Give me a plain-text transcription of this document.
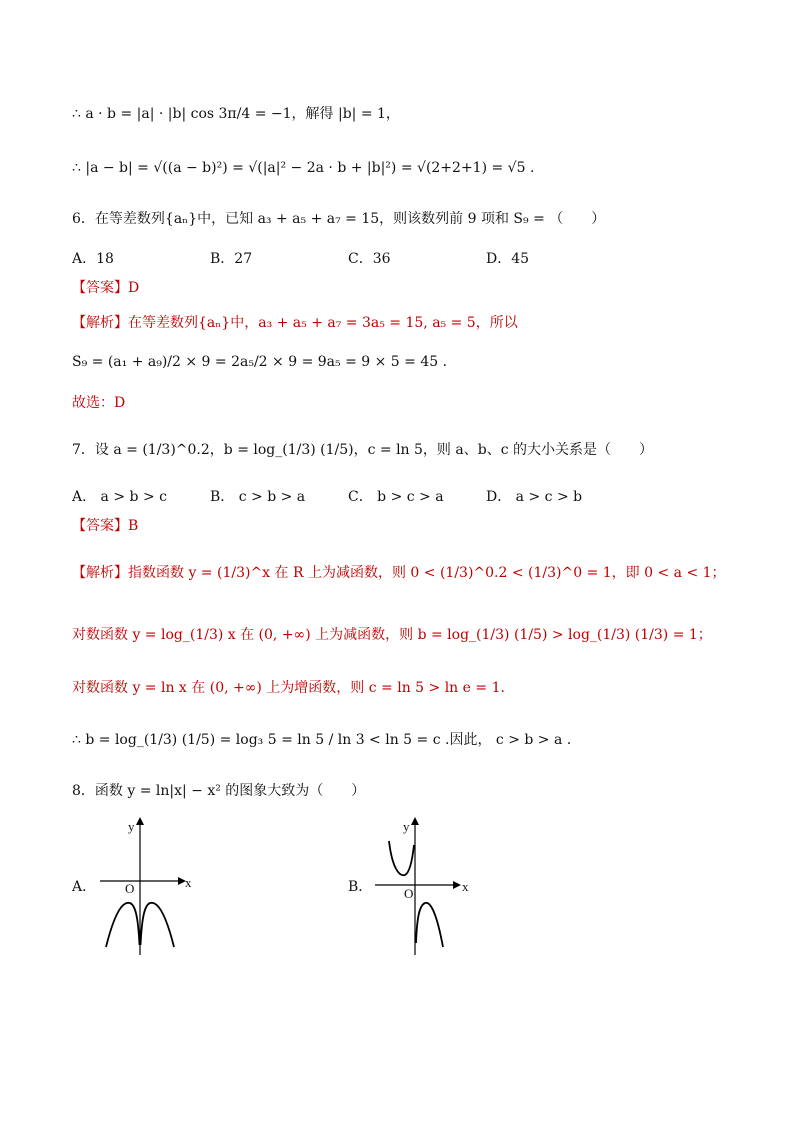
∴ a · b = |a| · |b| cos 3π/4 = −1，解得 |b| = 1，
∴ |a − b| = √((a − b)²) = √(|a|² − 2a · b + |b|²) = √(2+2+1) = √5 .
6．在等差数列{aₙ}中，已知 a₃ + a₅ + a₇ = 15，则该数列前 9 项和 S₉ = （　　）
A．18	B．27	C．36	D．45
【答案】D
【解析】在等差数列{aₙ}中，a₃ + a₅ + a₇ = 3a₅ = 15, a₅ = 5，所以
S₉ = (a₁ + a₉)/2 × 9 = 2a₅/2 × 9 = 9a₅ = 9 × 5 = 45 .
故选：D
7．设 a = (1/3)^0.2，b = log_(1/3) (1/5)，c = ln 5，则 a、b、c 的大小关系是（　　）
A． a > b > c	B． c > b > a	C． b > c > a	D． a > c > b
【答案】B
【解析】指数函数 y = (1/3)^x 在 R 上为减函数，则 0 < (1/3)^0.2 < (1/3)^0 = 1，即 0 < a < 1；
对数函数 y = log_(1/3) x 在 (0, +∞) 上为减函数，则 b = log_(1/3) (1/5) > log_(1/3) (1/3) = 1；
对数函数 y = ln x 在 (0, +∞) 上为增函数，则 c = ln 5 > ln e = 1.
∴ b = log_(1/3) (1/5) = log₃ 5 = ln 5 / ln 3 < ln 5 = c .因此， c > b > a .
8．函数 y = ln|x| − x² 的图象大致为（　　）
A．
y
x
O	B．
y
x
O
